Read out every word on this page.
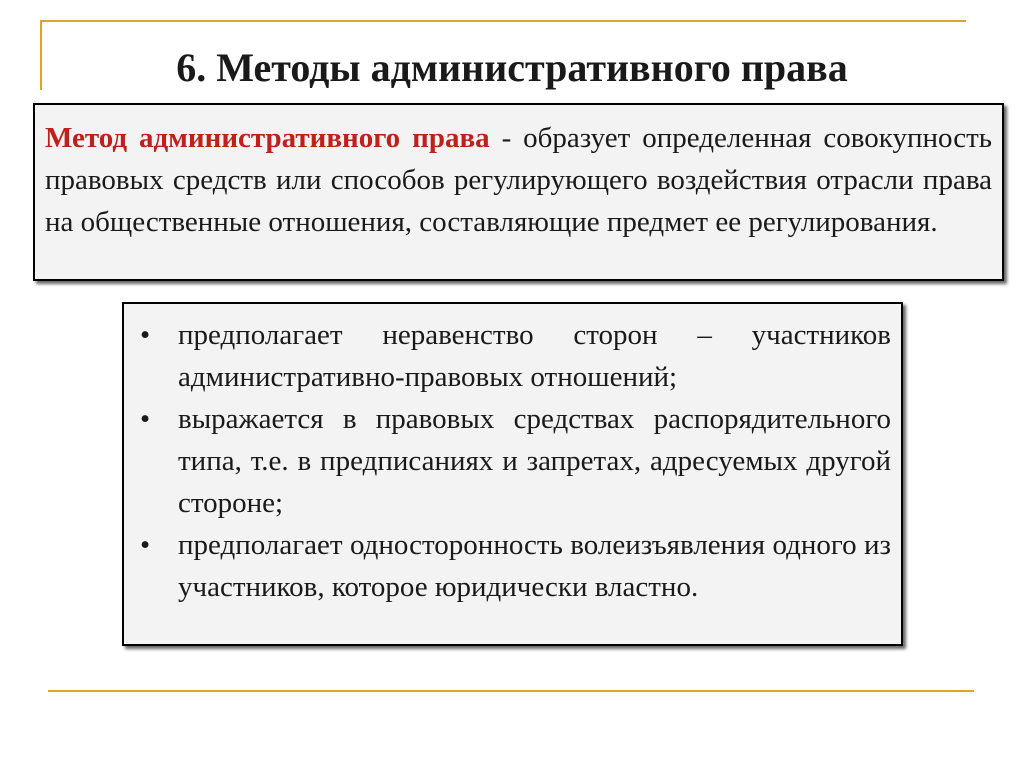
6. Методы административного права

Метод административного права - образует определенная совокупность правовых средств или способов регулирующего воздействия отрасли права на общественные отношения, составляющие предмет ее регулирования.

• предполагает неравенство сторон – участников административно-правовых отношений;
• выражается в правовых средствах распорядительного типа, т.е. в предписаниях и запретах, адресуемых другой стороне;
• предполагает односторонность волеизъявления одного из участников, которое юридически властно.
